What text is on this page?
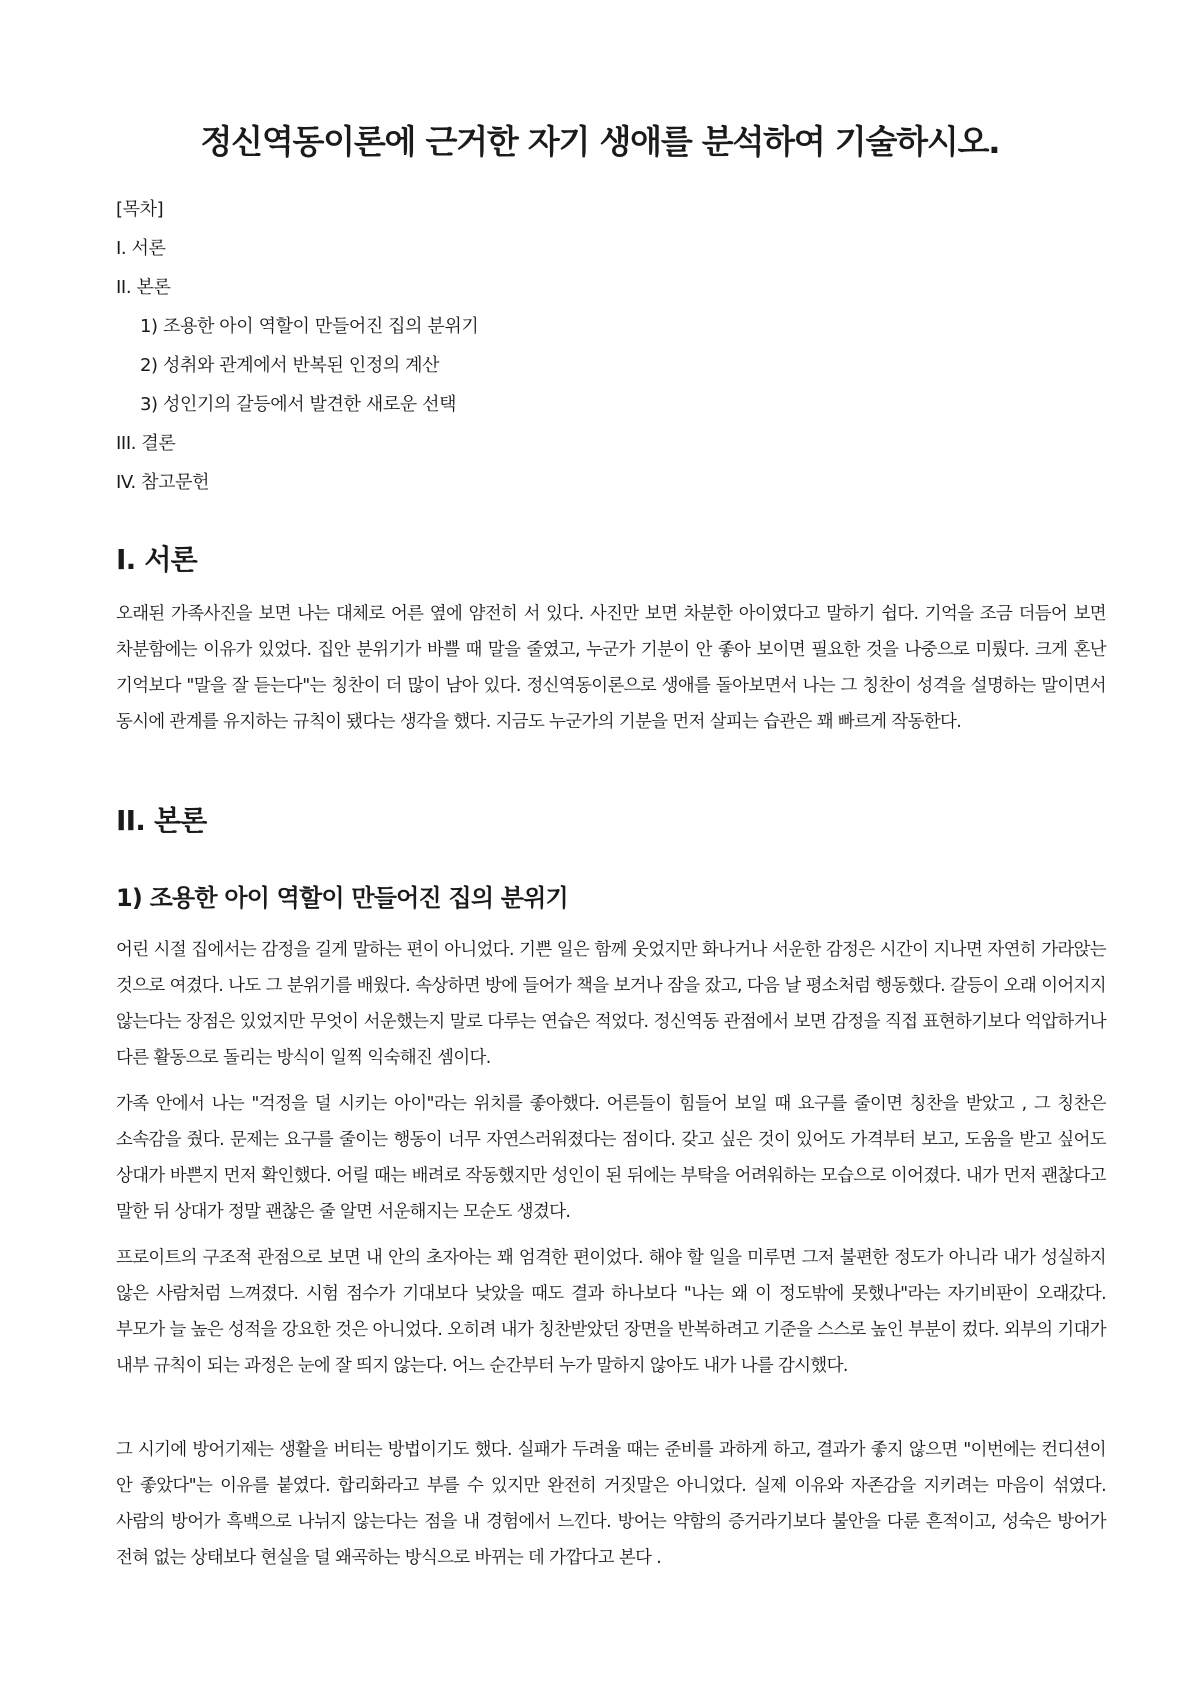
정신역동이론에 근거한 자기 생애를 분석하여 기술하시오.
[목차]
I. 서론
II. 본론
1) 조용한 아이 역할이 만들어진 집의 분위기
2) 성취와 관계에서 반복된 인정의 계산
3) 성인기의 갈등에서 발견한 새로운 선택
III. 결론
IV. 참고문헌
I. 서론

오래된 가족사진을 보면 나는 대체로 어른 옆에 얌전히 서 있다. 사진만 보면 차분한 아이였다고 말하기 쉽다. 기억을 조금 더듬어 보면 차분함에는 이유가 있었다. 집안 분위기가 바쁠 때 말을 줄였고, 누군가 기분이 안 좋아 보이면 필요한 것을 나중으로 미뤘다. 크게 혼난 기억보다 "말을 잘 듣는다"는 칭찬이 더 많이 남아 있다. 정신역동이론으로 생애를 돌아보면서 나는 그 칭찬이 성격을 설명하는 말이면서 동시에 관계를 유지하는 규칙이 됐다는 생각을 했다. 지금도 누군가의 기분을 먼저 살피는 습관은 꽤 빠르게 작동한다.

II. 본론
1) 조용한 아이 역할이 만들어진 집의 분위기

어린 시절 집에서는 감정을 길게 말하는 편이 아니었다. 기쁜 일은 함께 웃었지만 화나거나 서운한 감정은 시간이 지나면 자연히 가라앉는 것으로 여겼다. 나도 그 분위기를 배웠다. 속상하면 방에 들어가 책을 보거나 잠을 잤고, 다음 날 평소처럼 행동했다. 갈등이 오래 이어지지 않는다는 장점은 있었지만 무엇이 서운했는지 말로 다루는 연습은 적었다. 정신역동 관점에서 보면 감정을 직접 표현하기보다 억압하거나 다른 활동으로 돌리는 방식이 일찍 익숙해진 셈이다.

가족 안에서 나는 "걱정을 덜 시키는 아이"라는 위치를 좋아했다. 어른들이 힘들어 보일 때 요구를 줄이면 칭찬을 받았고 , 그 칭찬은 소속감을 줬다. 문제는 요구를 줄이는 행동이 너무 자연스러워졌다는 점이다. 갖고 싶은 것이 있어도 가격부터 보고, 도움을 받고 싶어도 상대가 바쁜지 먼저 확인했다. 어릴 때는 배려로 작동했지만 성인이 된 뒤에는 부탁을 어려워하는 모습으로 이어졌다. 내가 먼저 괜찮다고 말한 뒤 상대가 정말 괜찮은 줄 알면 서운해지는 모순도 생겼다.

프로이트의 구조적 관점으로 보면 내 안의 초자아는 꽤 엄격한 편이었다. 해야 할 일을 미루면 그저 불편한 정도가 아니라 내가 성실하지 않은 사람처럼 느껴졌다. 시험 점수가 기대보다 낮았을 때도 결과 하나보다 "나는 왜 이 정도밖에 못했나"라는 자기비판이 오래갔다. 부모가 늘 높은 성적을 강요한 것은 아니었다. 오히려 내가 칭찬받았던 장면을 반복하려고 기준을 스스로 높인 부분이 컸다. 외부의 기대가 내부 규칙이 되는 과정은 눈에 잘 띄지 않는다. 어느 순간부터 누가 말하지 않아도 내가 나를 감시했다.

그 시기에 방어기제는 생활을 버티는 방법이기도 했다. 실패가 두려울 때는 준비를 과하게 하고, 결과가 좋지 않으면 "이번에는 컨디션이 안 좋았다"는 이유를 붙였다. 합리화라고 부를 수 있지만 완전히 거짓말은 아니었다. 실제 이유와 자존감을 지키려는 마음이 섞였다. 사람의 방어가 흑백으로 나뉘지 않는다는 점을 내 경험에서 느낀다. 방어는 약함의 증거라기보다 불안을 다룬 흔적이고, 성숙은 방어가 전혀 없는 상태보다 현실을 덜 왜곡하는 방식으로 바뀌는 데 가깝다고 본다 .
